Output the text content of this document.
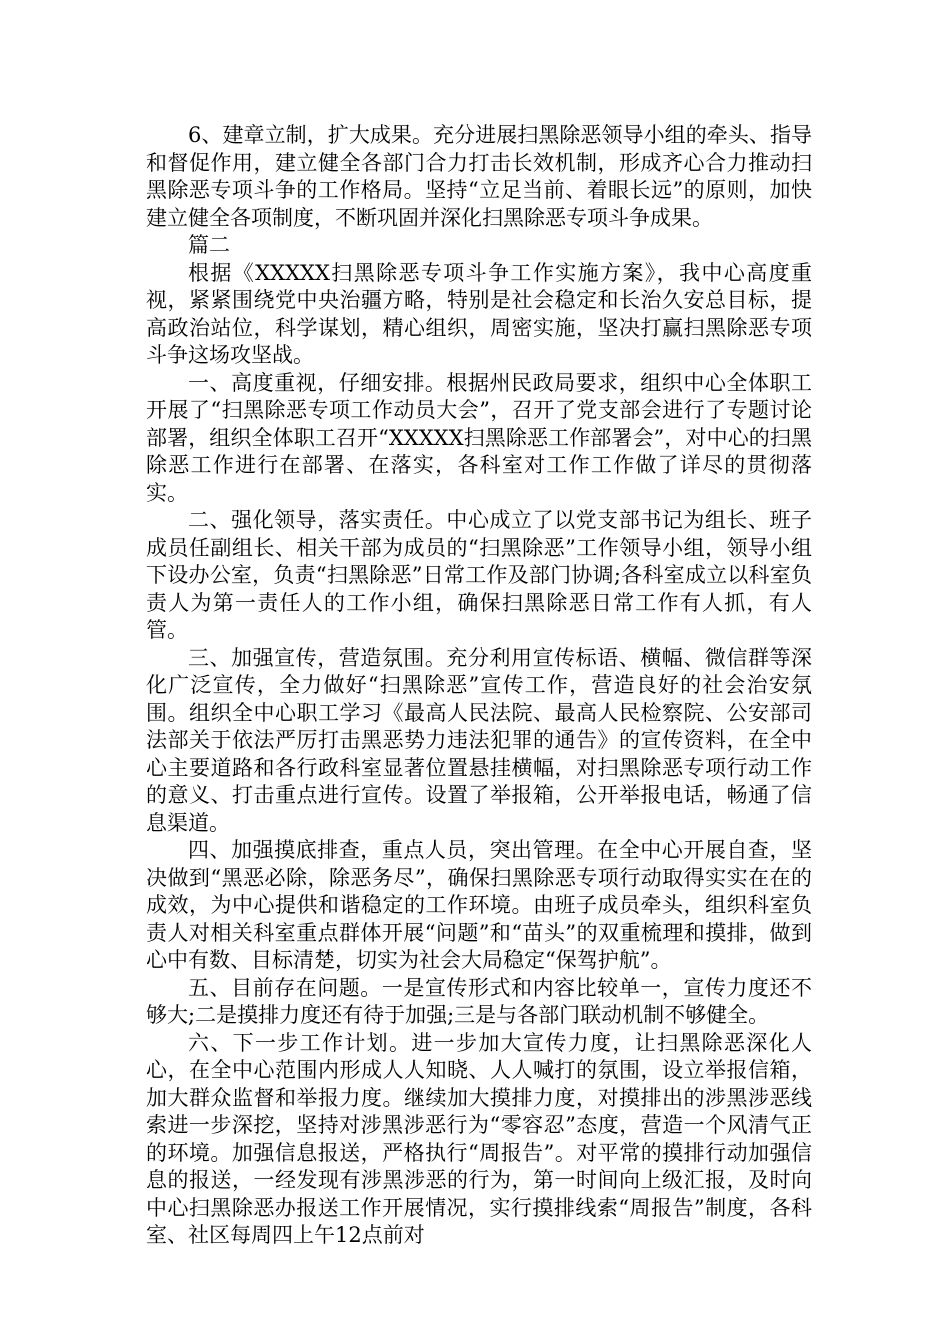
6、建章立制，扩大成果。充分进展扫黑除恶领导小组的牵头、指导和督促作用，建立健全各部门合力打击长效机制，形成齐心合力推动扫黑除恶专项斗争的工作格局。坚持“立足当前、着眼长远”的原则，加快建立健全各项制度，不断巩固并深化扫黑除恶专项斗争成果。

篇二

根据《XXXXX扫黑除恶专项斗争工作实施方案》，我中心高度重视，紧紧围绕党中央治疆方略，特别是社会稳定和长治久安总目标，提高政治站位，科学谋划，精心组织，周密实施，坚决打赢扫黑除恶专项斗争这场攻坚战。

一、高度重视，仔细安排。根据州民政局要求，组织中心全体职工开展了“扫黑除恶专项工作动员大会”，召开了党支部会进行了专题讨论部署，组织全体职工召开“XXXXX扫黑除恶工作部署会”，对中心的扫黑除恶工作进行在部署、在落实，各科室对工作工作做了详尽的贯彻落实。

二、强化领导，落实责任。中心成立了以党支部书记为组长、班子成员任副组长、相关干部为成员的“扫黑除恶”工作领导小组，领导小组下设办公室，负责“扫黑除恶”日常工作及部门协调;各科室成立以科室负责人为第一责任人的工作小组，确保扫黑除恶日常工作有人抓，有人管。

三、加强宣传，营造氛围。充分利用宣传标语、横幅、微信群等深化广泛宣传，全力做好“扫黑除恶”宣传工作，营造良好的社会治安氛围。组织全中心职工学习《最高人民法院、最高人民检察院、公安部司法部关于依法严厉打击黑恶势力违法犯罪的通告》的宣传资料，在全中心主要道路和各行政科室显著位置悬挂横幅，对扫黑除恶专项行动工作的意义、打击重点进行宣传。设置了举报箱，公开举报电话，畅通了信息渠道。

四、加强摸底排查，重点人员，突出管理。在全中心开展自查，坚决做到“黑恶必除，除恶务尽”，确保扫黑除恶专项行动取得实实在在的成效，为中心提供和谐稳定的工作环境。由班子成员牵头，组织科室负责人对相关科室重点群体开展“问题”和“苗头”的双重梳理和摸排，做到心中有数、目标清楚，切实为社会大局稳定“保驾护航”。

五、目前存在问题。一是宣传形式和内容比较单一，宣传力度还不够大;二是摸排力度还有待于加强;三是与各部门联动机制不够健全。

六、下一步工作计划。进一步加大宣传力度，让扫黑除恶深化人心，在全中心范围内形成人人知晓、人人喊打的氛围，设立举报信箱，加大群众监督和举报力度。继续加大摸排力度，对摸排出的涉黑涉恶线索进一步深挖，坚持对涉黑涉恶行为“零容忍”态度，营造一个风清气正的环境。加强信息报送，严格执行“周报告”。对平常的摸排行动加强信息的报送，一经发现有涉黑涉恶的行为，第一时间向上级汇报，及时向中心扫黑除恶办报送工作开展情况，实行摸排线索“周报告”制度，各科室、社区每周四上午12点前对
